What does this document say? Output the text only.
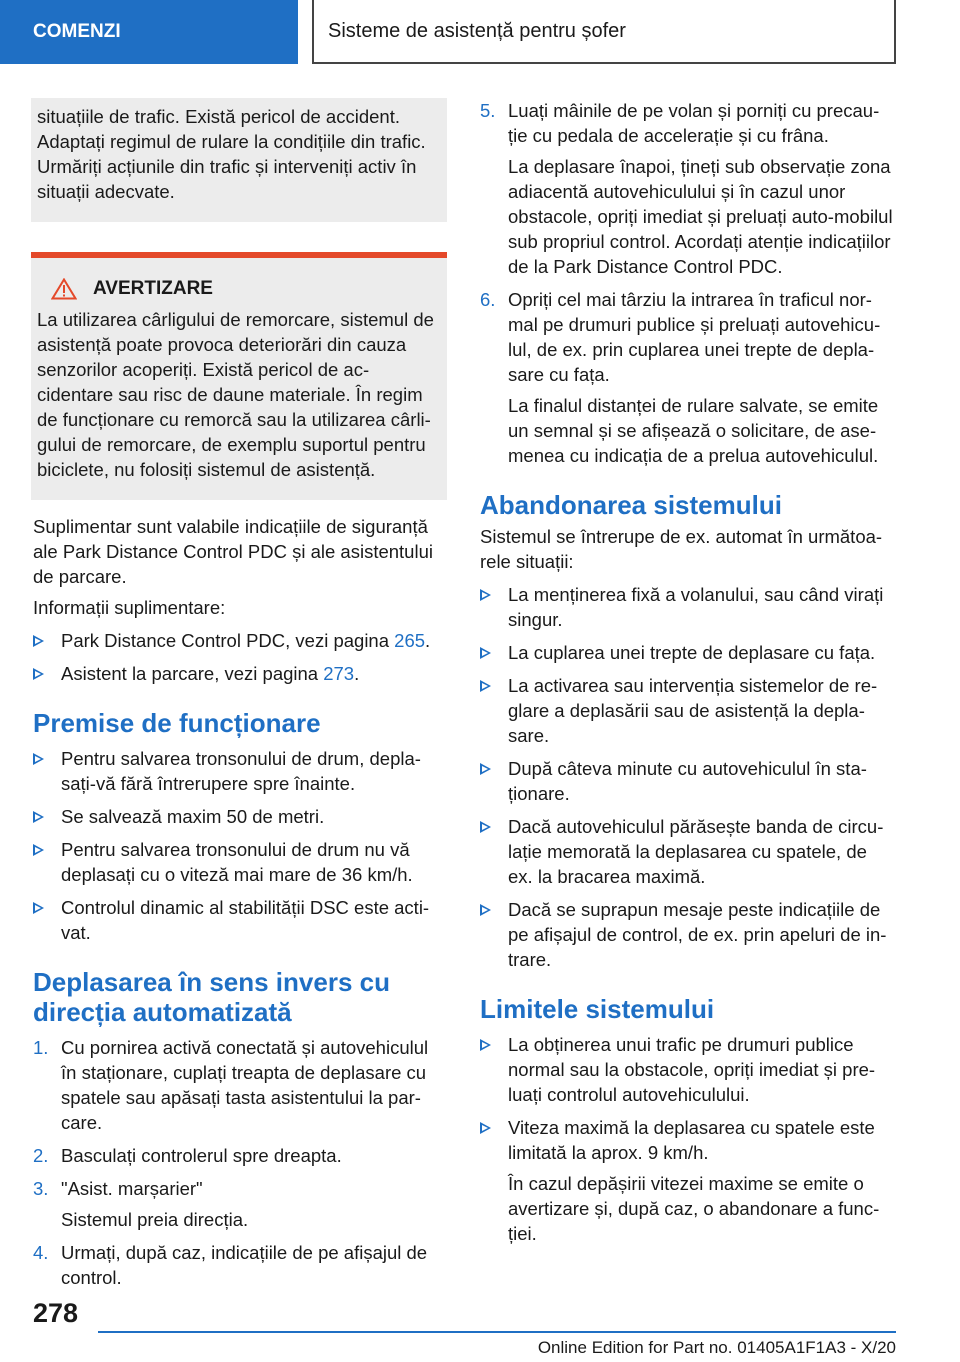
COMENZI	Sisteme de asistență pentru șofer

situațiile de trafic. Există pericol de accident. Adaptați regimul de rulare la condițiile din trafic. Urmăriți acțiunile din trafic și interveniți activ în situații adecvate.

AVERTIZARE

La utilizarea cârligului de remorcare, sistemul de asistență poate provoca deteriorări din cauza senzorilor acoperiți. Există pericol de ac-cidentare sau risc de daune materiale. În regim de funcționare cu remorcă sau la utilizarea cârli-gului de remorcare, de exemplu suportul pentru biciclete, nu folosiți sistemul de asistență.

Suplimentar sunt valabile indicațiile de siguranță ale Park Distance Control PDC și ale asistentului de parcare.

Informații suplimentare:

Park Distance Control PDC, vezi pagina 265.
Asistent la parcare, vezi pagina 273.
Premise de funcționare
Pentru salvarea tronsonului de drum, depla-sați-vă fără întrerupere spre înainte.
Se salvează maxim 50 de metri.
Pentru salvarea tronsonului de drum nu vă deplasați cu o viteză mai mare de 36 km/h.
Controlul dinamic al stabilității DSC este acti-vat.
Deplasarea în sens invers cu direcția automatizată
1. Cu pornirea activă conectată și autovehiculul în staționare, cuplați treapta de deplasare cu spatele sau apăsați tasta asistentului la par-care.
2. Basculați controlerul spre dreapta.
3. "Asist. marșarier"

Sistemul preia direcția.

4. Urmați, după caz, indicațiile de pe afișajul de control.
5. Luați mâinile de pe volan și porniți cu precau-ție cu pedala de accelerație și cu frâna.

La deplasare înapoi, țineți sub observație zona adiacentă autovehiculului și în cazul unor obstacole, opriți imediat și preluați auto-mobilul sub propriul control. Acordați atenție indicațiilor de la Park Distance Control PDC.

6. Opriți cel mai târziu la intrarea în traficul nor-mal pe drumuri publice și preluați autovehicu-lul, de ex. prin cuplarea unei trepte de depla-sare cu fața.

La finalul distanței de rulare salvate, se emite un semnal și se afișează o solicitare, de ase-menea cu indicația de a prelua autovehiculul.

Abandonarea sistemului

Sistemul se întrerupe de ex. automat în următoa-rele situații:

La menținerea fixă a volanului, sau când virați singur.
La cuplarea unei trepte de deplasare cu fața.
La activarea sau intervenția sistemelor de re-glare a deplasării sau de asistență la depla-sare.
După câteva minute cu autovehiculul în sta-ționare.
Dacă autovehiculul părăsește banda de circu-lație memorată la deplasarea cu spatele, de ex. la bracarea maximă.
Dacă se suprapun mesaje peste indicațiile de pe afișajul de control, de ex. prin apeluri de in-trare.
Limitele sistemului
La obținerea unui trafic pe drumuri publice normal sau la obstacole, opriți imediat și pre-luați controlul autovehiculului.
Viteza maximă la deplasarea cu spatele este limitată la aprox. 9 km/h.

În cazul depășirii vitezei maxime se emite o avertizare și, după caz, o abandonare a func-ției.

278
Online Edition for Part no. 01405A1F1A3 - X/20
